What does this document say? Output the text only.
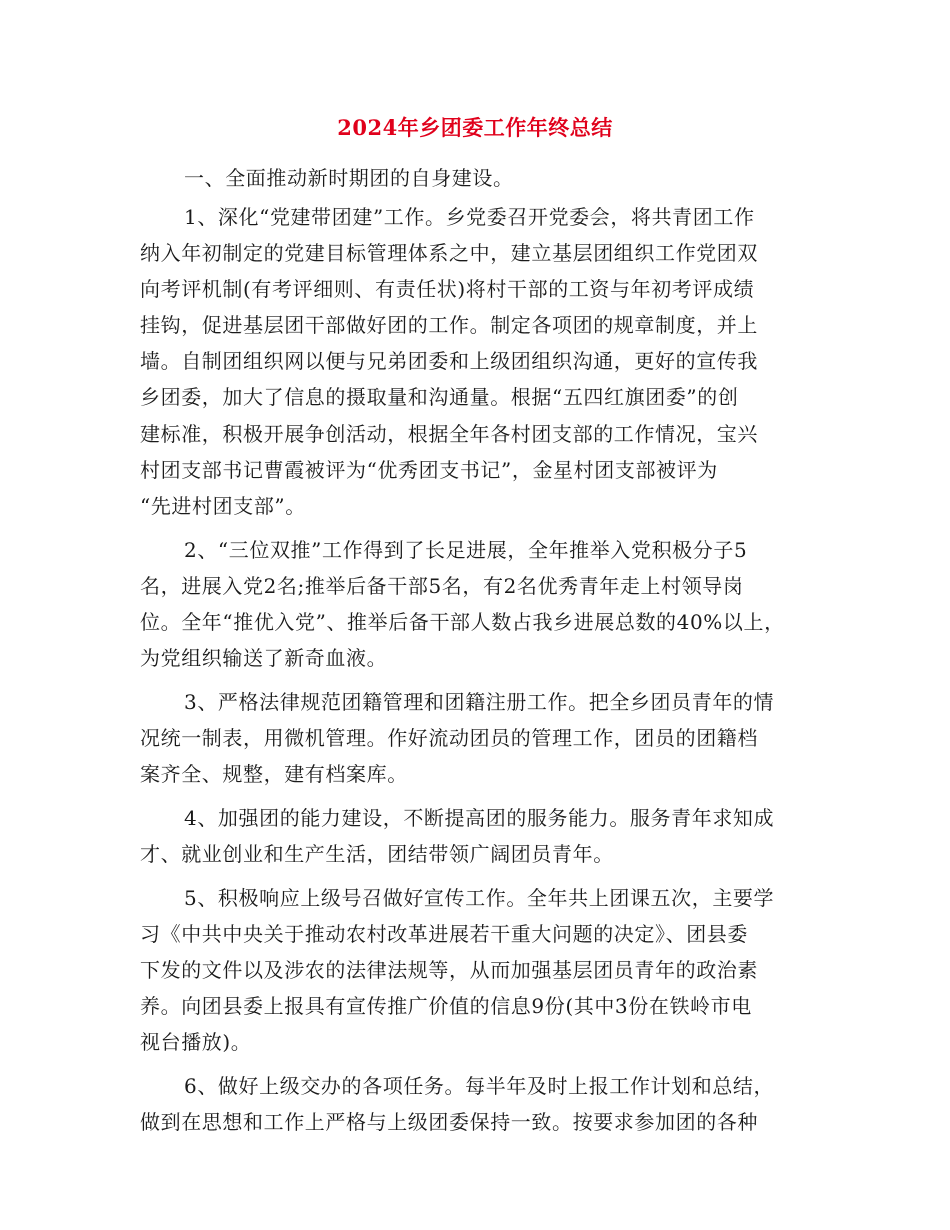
2024年乡团委工作年终总结
一、全面推动新时期团的自身建设。
1、深化“党建带团建”工作。乡党委召开党委会，将共青团工作
纳入年初制定的党建目标管理体系之中，建立基层团组织工作党团双
向考评机制(有考评细则、有责任状)将村干部的工资与年初考评成绩
挂钩，促进基层团干部做好团的工作。制定各项团的规章制度，并上
墙。自制团组织网以便与兄弟团委和上级团组织沟通，更好的宣传我
乡团委，加大了信息的摄取量和沟通量。根据“五四红旗团委”的创
建标准，积极开展争创活动，根据全年各村团支部的工作情况，宝兴
村团支部书记曹霞被评为“优秀团支书记”，金星村团支部被评为
“先进村团支部”。
2、“三位双推”工作得到了长足进展，全年推举入党积极分子5
名，进展入党2名;推举后备干部5名，有2名优秀青年走上村领导岗
位。全年“推优入党”、推举后备干部人数占我乡进展总数的40%以上，
为党组织输送了新奇血液。
3、严格法律规范团籍管理和团籍注册工作。把全乡团员青年的情
况统一制表，用微机管理。作好流动团员的管理工作，团员的团籍档
案齐全、规整，建有档案库。
4、加强团的能力建设，不断提高团的服务能力。服务青年求知成
才、就业创业和生产生活，团结带领广阔团员青年。
5、积极响应上级号召做好宣传工作。全年共上团课五次，主要学
习《中共中央关于推动农村改革进展若干重大问题的决定》、团县委
下发的文件以及涉农的法律法规等，从而加强基层团员青年的政治素
养。向团县委上报具有宣传推广价值的信息9份(其中3份在铁岭市电
视台播放)。
6、做好上级交办的各项任务。每半年及时上报工作计划和总结，
做到在思想和工作上严格与上级团委保持一致。按要求参加团的各种
